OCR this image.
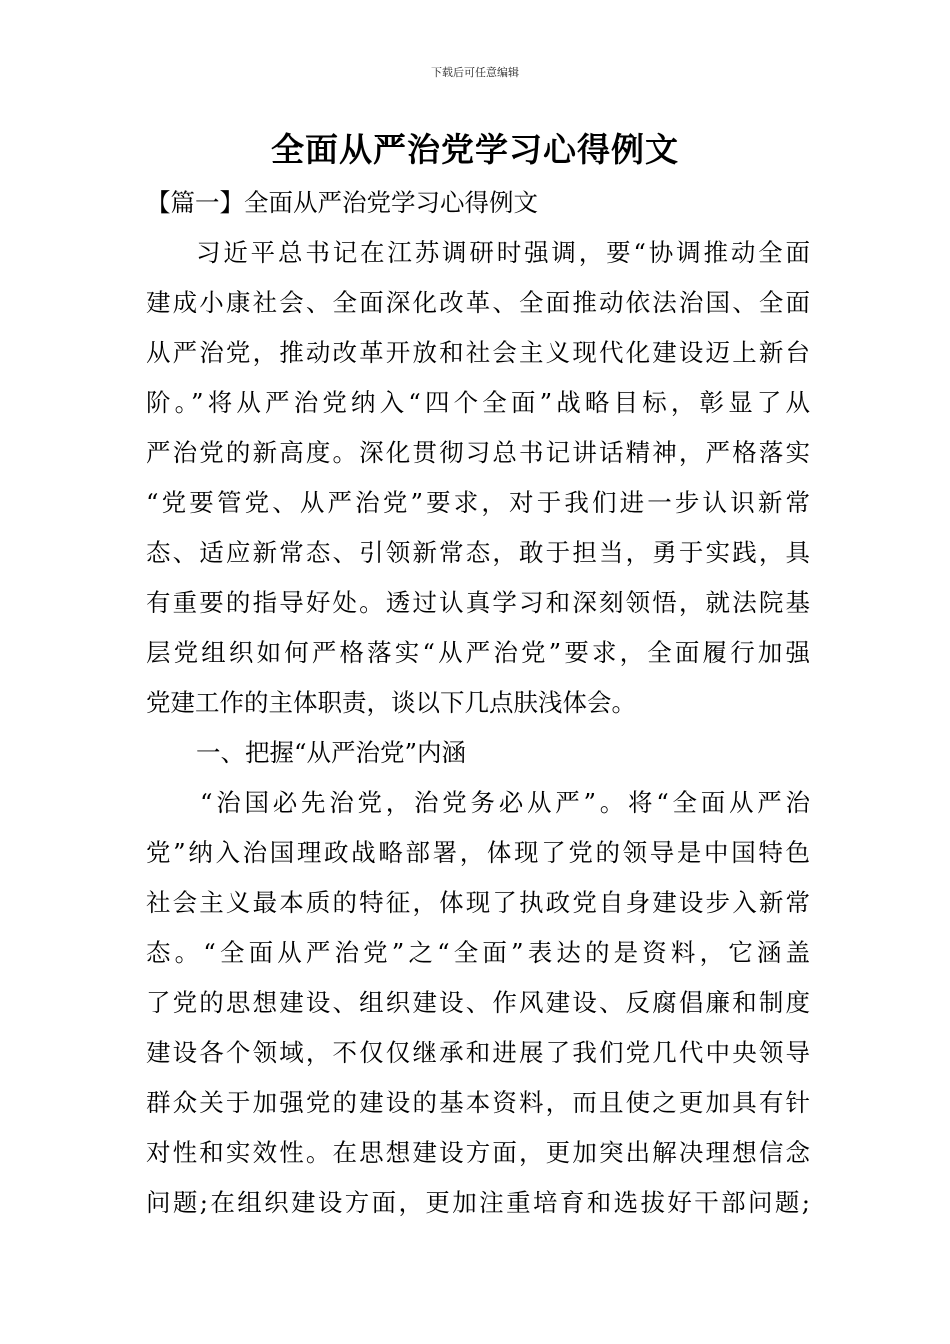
下载后可任意编辑
全面从严治党学习心得例文

【篇一】全面从严治党学习心得例文

习近平总书记在江苏调研时强调，要“协调推动全面
建成小康社会、全面深化改革、全面推动依法治国、全面
从严治党，推动改革开放和社会主义现代化建设迈上新台
阶。”将从严治党纳入“四个全面”战略目标，彰显了从
严治党的新高度。深化贯彻习总书记讲话精神，严格落实
“党要管党、从严治党”要求，对于我们进一步认识新常
态、适应新常态、引领新常态，敢于担当，勇于实践，具
有重要的指导好处。透过认真学习和深刻领悟，就法院基
层党组织如何严格落实“从严治党”要求，全面履行加强
党建工作的主体职责，谈以下几点肤浅体会。

一、把握“从严治党”内涵

“治国必先治党，治党务必从严”。将“全面从严治
党”纳入治国理政战略部署，体现了党的领导是中国特色
社会主义最本质的特征，体现了执政党自身建设步入新常
态。“全面从严治党”之“全面”表达的是资料，它涵盖
了党的思想建设、组织建设、作风建设、反腐倡廉和制度
建设各个领域，不仅仅继承和进展了我们党几代中央领导
群众关于加强党的建设的基本资料，而且使之更加具有针
对性和实效性。在思想建设方面，更加突出解决理想信念
问题;在组织建设方面，更加注重培育和选拔好干部问题;
